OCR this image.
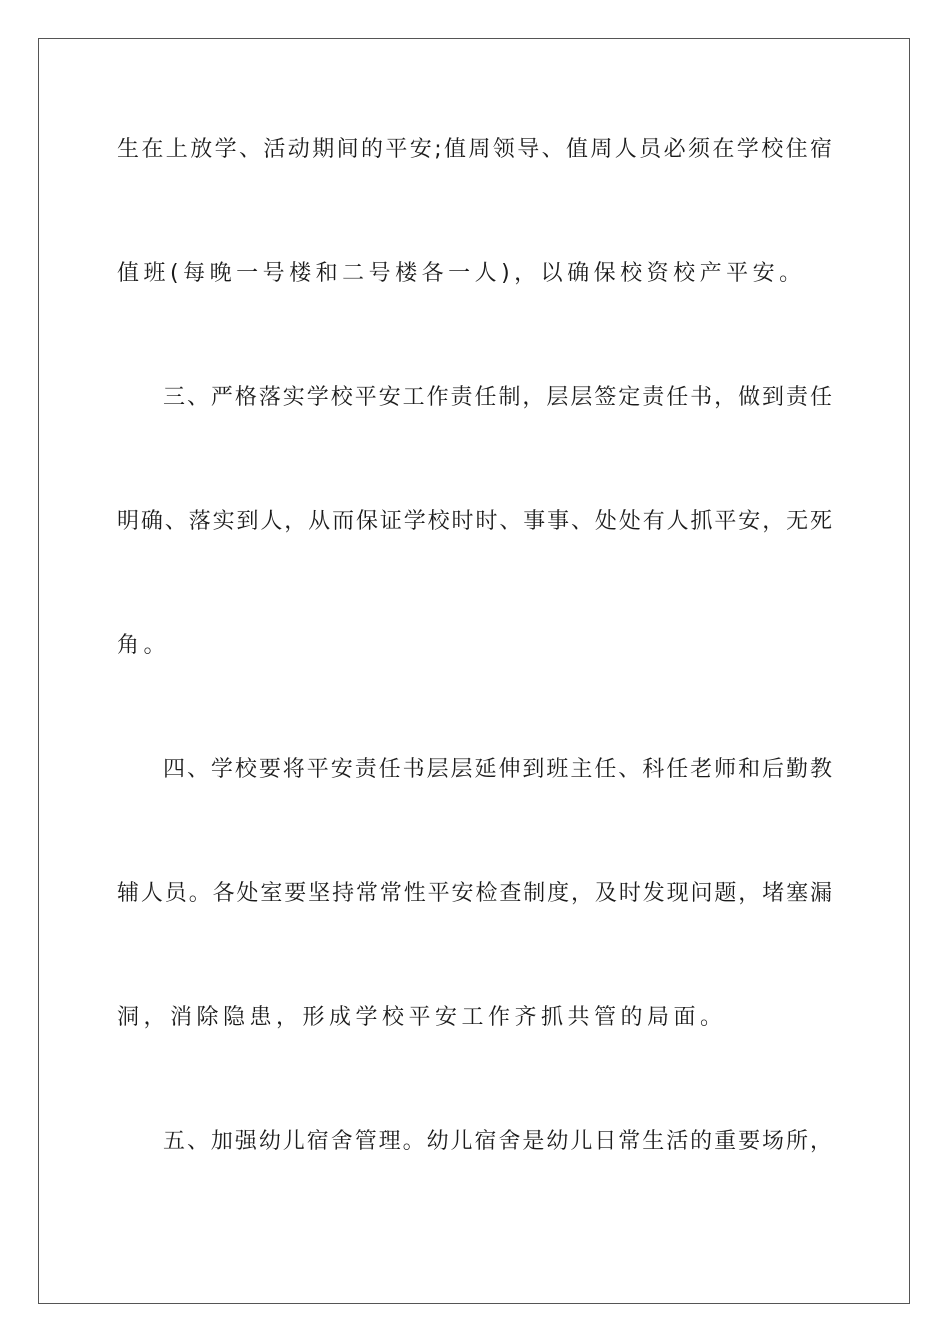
生在上放学、活动期间的平安;值周领导、值周人员必须在学校住宿
值班(每晚一号楼和二号楼各一人)，以确保校资校产平安。
三、严格落实学校平安工作责任制，层层签定责任书，做到责任
明确、落实到人，从而保证学校时时、事事、处处有人抓平安，无死
角。
四、学校要将平安责任书层层延伸到班主任、科任老师和后勤教
辅人员。各处室要坚持常常性平安检查制度，及时发现问题，堵塞漏
洞，消除隐患，形成学校平安工作齐抓共管的局面。
五、加强幼儿宿舍管理。幼儿宿舍是幼儿日常生活的重要场所，
